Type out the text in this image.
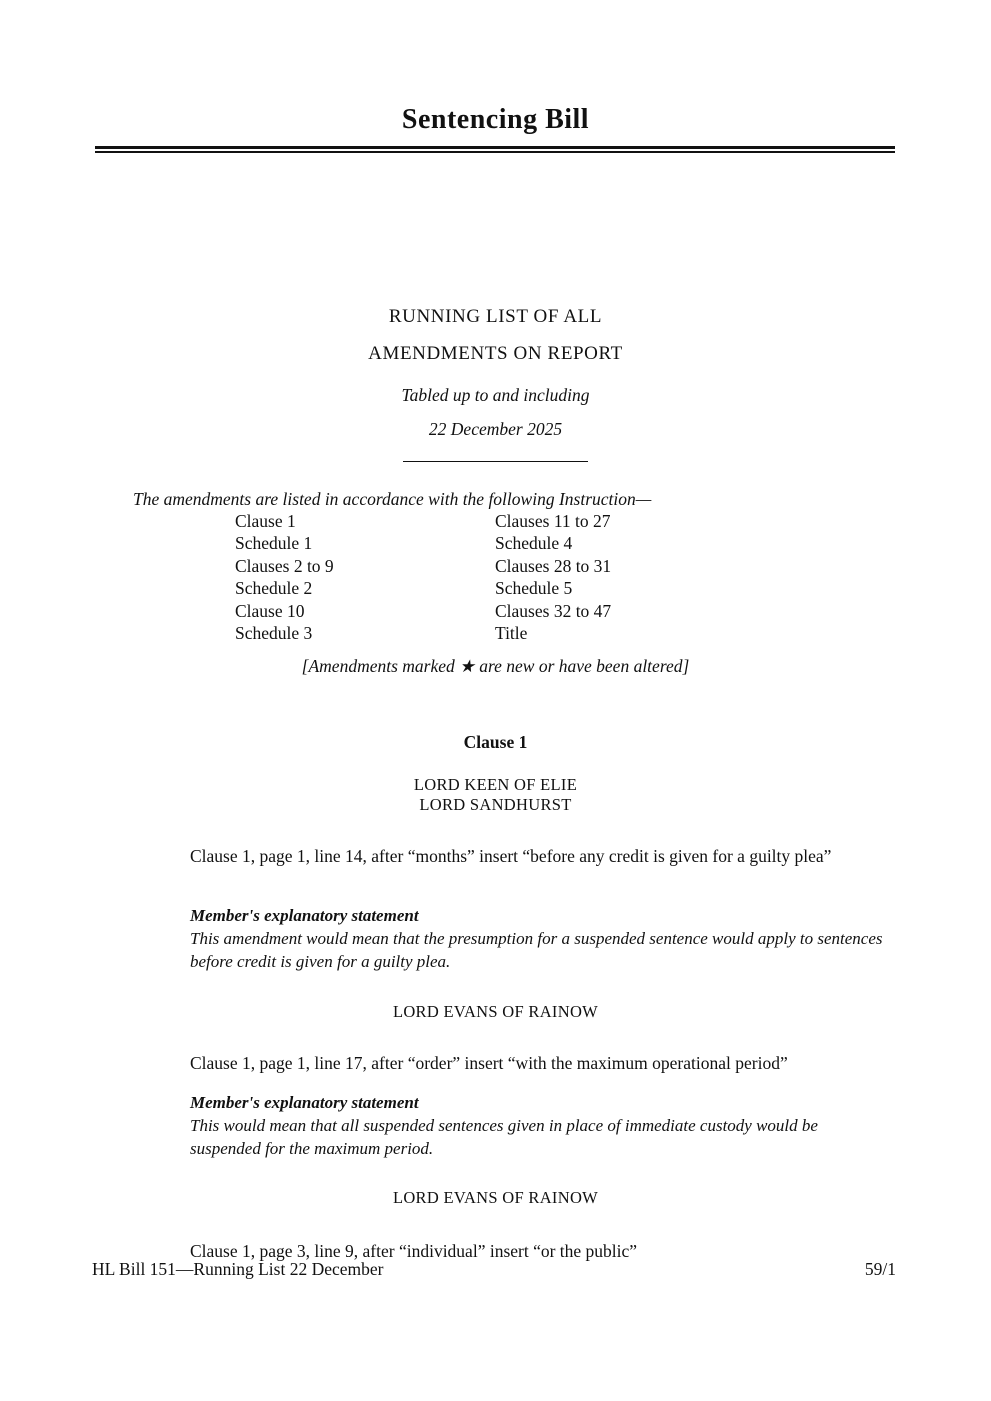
Sentencing Bill
RUNNING LIST OF ALL
AMENDMENTS ON REPORT
Tabled up to and including
22 December 2025
The amendments are listed in accordance with the following Instruction—
Clause 1
Schedule 1
Clauses 2 to 9
Schedule 2
Clause 10
Schedule 3
Clauses 11 to 27
Schedule 4
Clauses 28 to 31
Schedule 5
Clauses 32 to 47
Title
[Amendments marked ★ are new or have been altered]
Clause 1
LORD KEEN OF ELIE
LORD SANDHURST

Clause 1, page 1, line 14, after “months” insert “before any credit is given for a guilty plea”

Member's explanatory statement

This amendment would mean that the presumption for a suspended sentence would apply to sentences before credit is given for a guilty plea.

LORD EVANS OF RAINOW

Clause 1, page 1, line 17, after “order” insert “with the maximum operational period”

Member's explanatory statement

This would mean that all suspended sentences given in place of immediate custody would be suspended for the maximum period.

LORD EVANS OF RAINOW

Clause 1, page 3, line 9, after “individual” insert “or the public”

HL Bill 151—Running List 22 December	59/1
